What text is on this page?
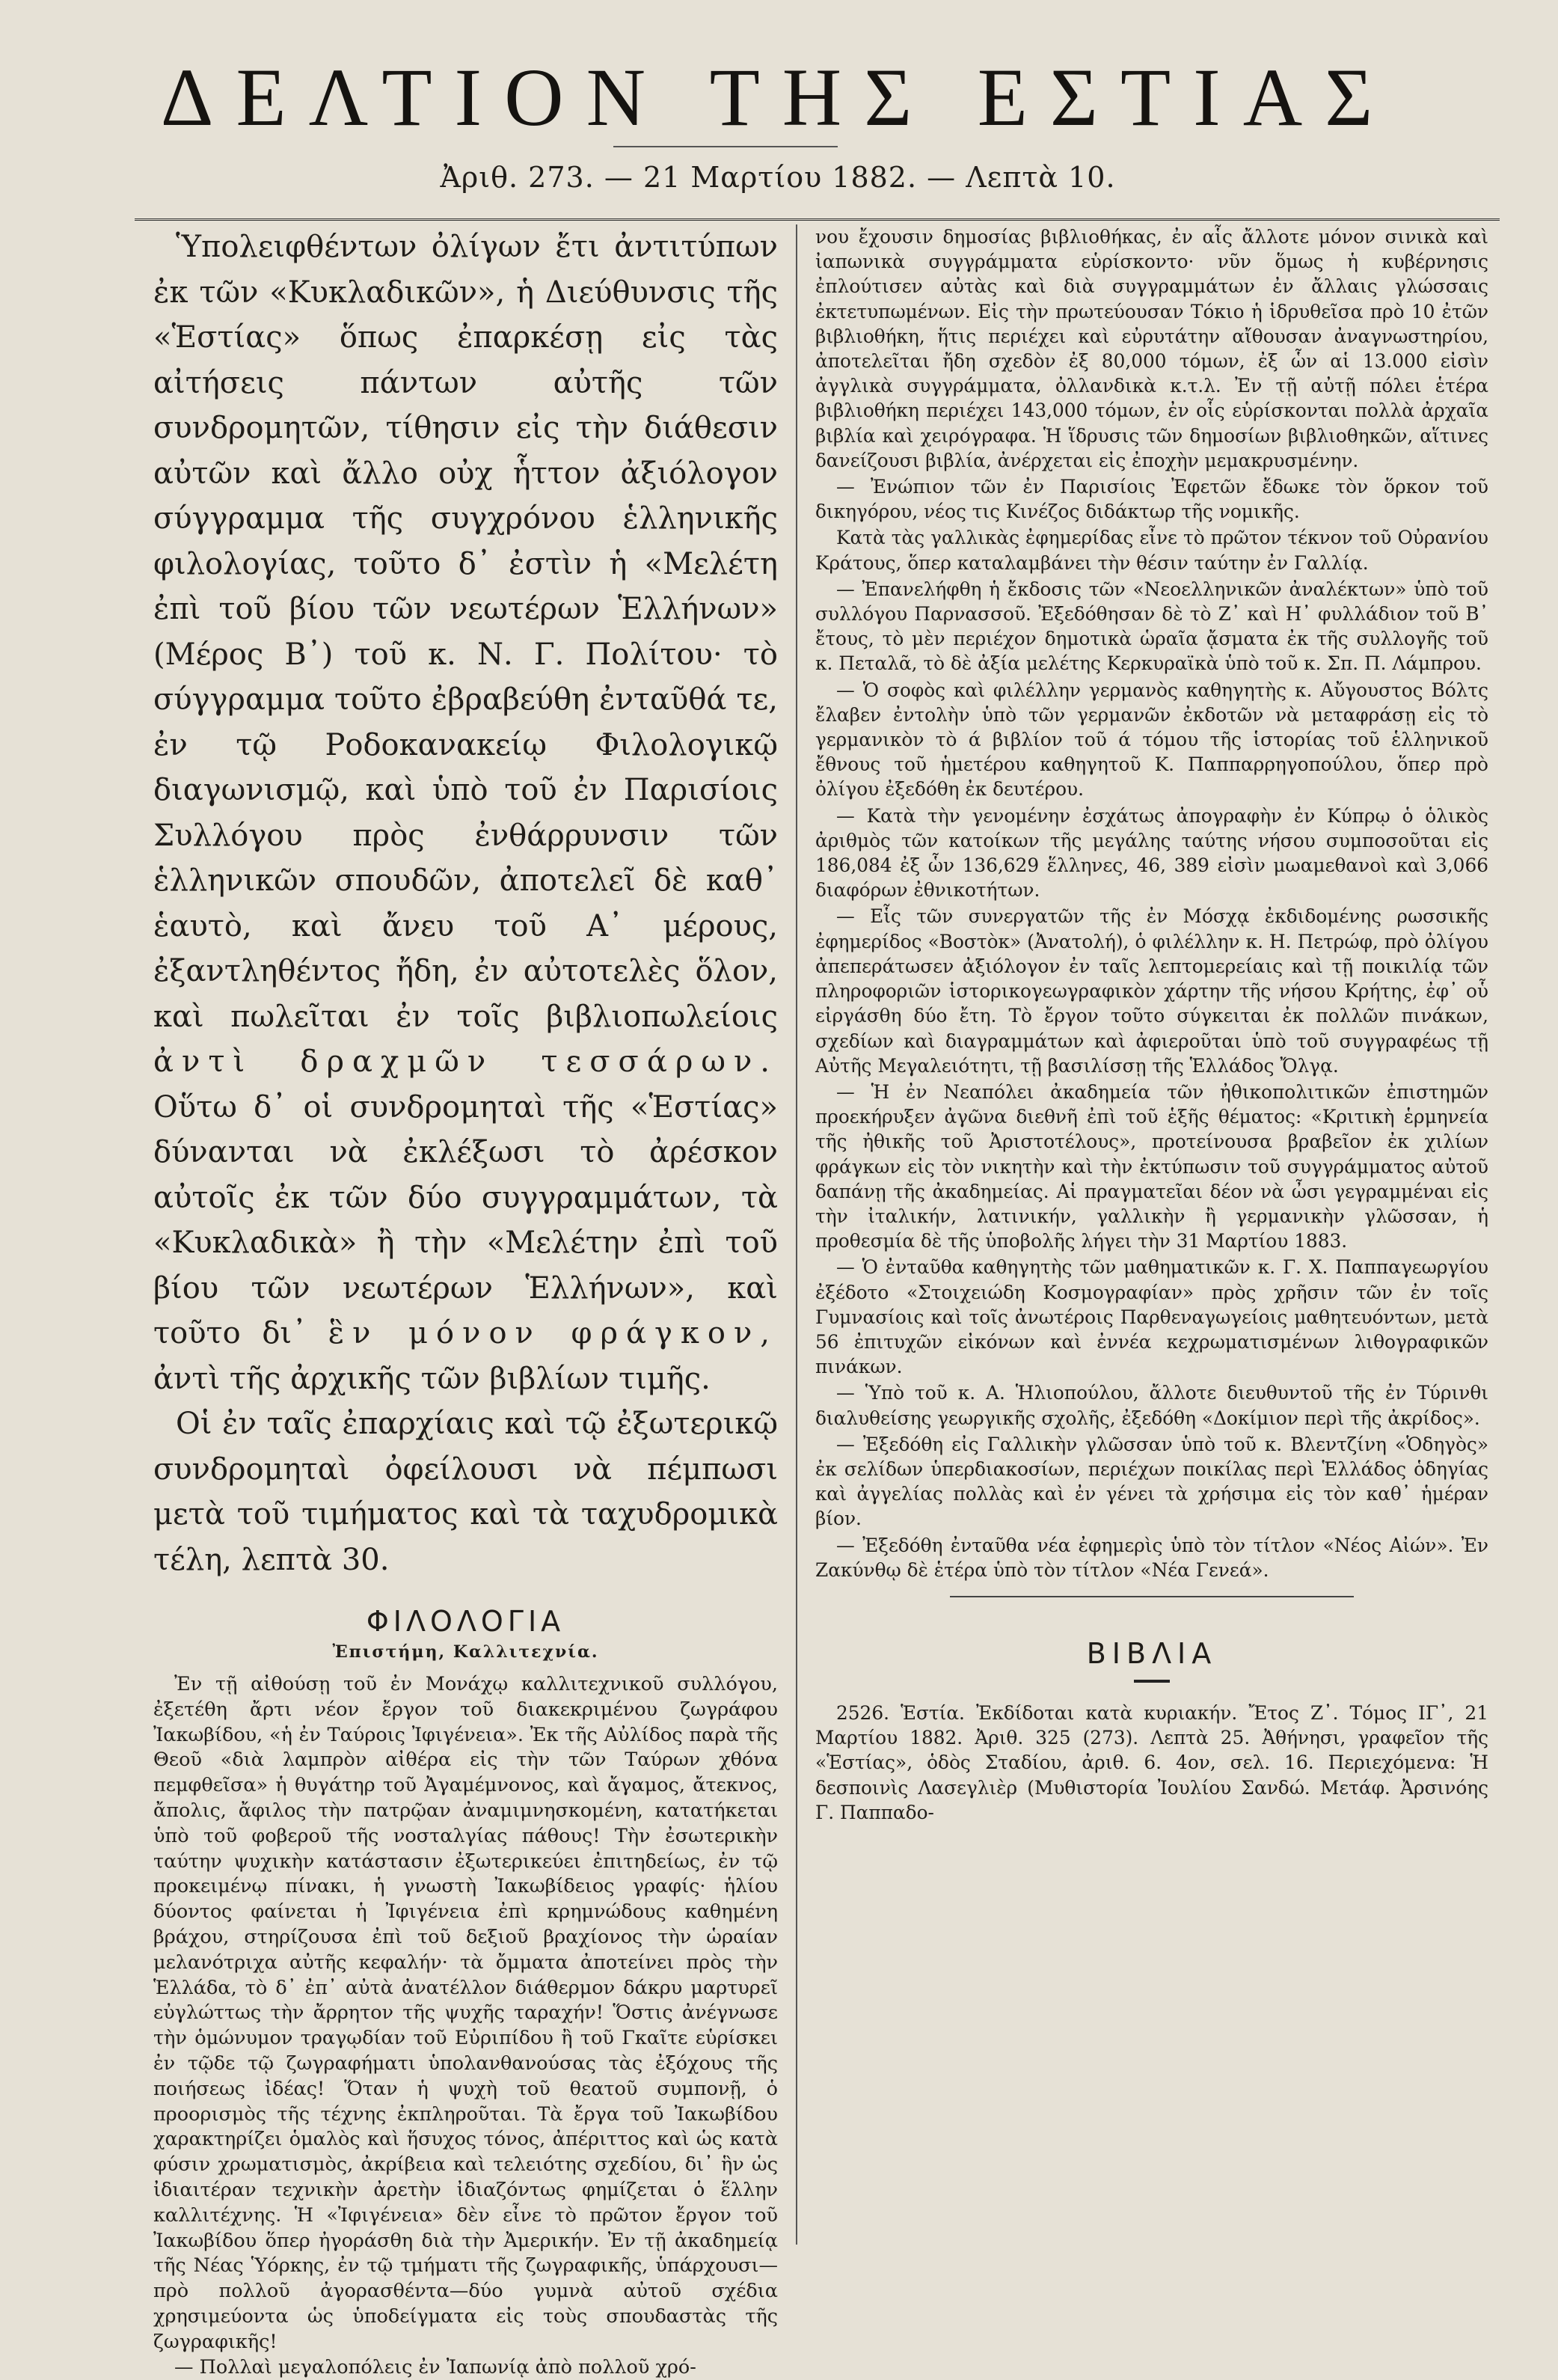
ΔΕΛΤΙΟΝ ΤΗΣ ΕΣΤΙΑΣ
Ἀριθ. 273. — 21 Μαρτίου 1882. — Λεπτὰ 10.

Ὑπολειφθέντων ὀλίγων ἔτι ἀντιτύπων ἐκ τῶν «Κυκλαδικῶν», ἡ Διεύθυνσις τῆς «Ἑστίας» ὅπως ἐπαρκέσῃ εἰς τὰς αἰτήσεις πάντων αὐτῆς τῶν συνδρομητῶν, τίθησιν εἰς τὴν διάθεσιν αὐτῶν καὶ ἄλλο οὐχ ἧττον ἀξιόλογον σύγγραμμα τῆς συγχρόνου ἑλληνικῆς φιλολογίας, τοῦτο δ᾽ ἐστὶν ἡ «Μελέτη ἐπὶ τοῦ βίου τῶν νεωτέρων Ἑλλήνων» (Μέρος Β᾽) τοῦ κ. Ν. Γ. Πολίτου· τὸ σύγγραμμα τοῦτο ἐβραβεύθη ἐνταῦθά τε, ἐν τῷ Ροδοκανακείῳ Φιλολογικῷ διαγωνισμῷ, καὶ ὑπὸ τοῦ ἐν Παρισίοις Συλλόγου πρὸς ἐνθάρρυνσιν τῶν ἑλληνικῶν σπουδῶν, ἀποτελεῖ δὲ καθ᾽ ἑαυτὸ, καὶ ἄνευ τοῦ Α᾽ μέρους, ἐξαντληθέντος ἤδη, ἐν αὐτοτελὲς ὅλον, καὶ πωλεῖται ἐν τοῖς βιβλιοπωλείοις ἀντὶ δραχμῶν τεσσάρων. Οὕτω δ᾽ οἱ συνδρομηταὶ τῆς «Ἑστίας» δύνανται νὰ ἐκλέξωσι τὸ ἀρέσκον αὐτοῖς ἐκ τῶν δύο συγγραμμάτων, τὰ «Κυκλαδικὰ» ἢ τὴν «Μελέτην ἐπὶ τοῦ βίου τῶν νεωτέρων Ἑλλήνων», καὶ τοῦτο δι᾽ ἓν μόνον φράγκον, ἀντὶ τῆς ἀρχικῆς τῶν βιβλίων τιμῆς.

Οἱ ἐν ταῖς ἐπαρχίαις καὶ τῷ ἐξωτερικῷ συνδρομηταὶ ὀφείλουσι νὰ πέμπωσι μετὰ τοῦ τιμήματος καὶ τὰ ταχυδρομικὰ τέλη, λεπτὰ 30.

ΦΙΛΟΛΟΓΙΑ
Ἐπιστήμη, Καλλιτεχνία.

Ἐν τῇ αἰθούσῃ τοῦ ἐν Μονάχῳ καλλιτεχνικοῦ συλλόγου, ἐξετέθη ἄρτι νέον ἔργον τοῦ διακεκριμένου ζωγράφου Ἰακωβίδου, «ἡ ἐν Ταύροις Ἰφιγένεια». Ἐκ τῆς Αὐλίδος παρὰ τῆς Θεοῦ «διὰ λαμπρὸν αἰθέρα εἰς τὴν τῶν Ταύρων χθόνα πεμφθεῖσα» ἡ θυγάτηρ τοῦ Ἀγαμέμνονος, καὶ ἄγαμος, ἄτεκνος, ἄπολις, ἄφιλος τὴν πατρῷαν ἀναμιμνησκομένη, κατατήκεται ὑπὸ τοῦ φοβεροῦ τῆς νοσταλγίας πάθους! Τὴν ἐσωτερικὴν ταύτην ψυχικὴν κατάστασιν ἐξωτερικεύει ἐπιτηδείως, ἐν τῷ προκειμένῳ πίνακι, ἡ γνωστὴ Ἰακωβίδειος γραφίς· ἡλίου δύοντος φαίνεται ἡ Ἰφιγένεια ἐπὶ κρημνώδους καθημένη βράχου, στηρίζουσα ἐπὶ τοῦ δεξιοῦ βραχίονος τὴν ὡραίαν μελανότριχα αὐτῆς κεφαλήν· τὰ ὄμματα ἀποτείνει πρὸς τὴν Ἑλλάδα, τὸ δ᾽ ἐπ᾽ αὐτὰ ἀνατέλλον διάθερμον δάκρυ μαρτυρεῖ εὐγλώττως τὴν ἄρρητον τῆς ψυχῆς ταραχήν! Ὅστις ἀνέγνωσε τὴν ὁμώνυμον τραγῳδίαν τοῦ Εὐριπίδου ἢ τοῦ Γκαῖτε εὑρίσκει ἐν τῷδε τῷ ζωγραφήματι ὑπολανθανούσας τὰς ἐξόχους τῆς ποιήσεως ἰδέας! Ὅταν ἡ ψυχὴ τοῦ θεατοῦ συμπονῇ, ὁ προορισμὸς τῆς τέχνης ἐκπληροῦται. Τὰ ἔργα τοῦ Ἰακωβίδου χαρακτηρίζει ὁμαλὸς καὶ ἥσυχος τόνος, ἀπέριττος καὶ ὡς κατὰ φύσιν χρωματισμὸς, ἀκρίβεια καὶ τελειότης σχεδίου, δι᾽ ἣν ὡς ἰδιαιτέραν τεχνικὴν ἀρετὴν ἰδιαζόντως φημίζεται ὁ ἕλλην καλλιτέχνης. Ἡ «Ἰφιγένεια» δὲν εἶνε τὸ πρῶτον ἔργον τοῦ Ἰακωβίδου ὅπερ ἠγοράσθη διὰ τὴν Ἀμερικήν. Ἐν τῇ ἀκαδημείᾳ τῆς Νέας Ὑόρκης, ἐν τῷ τμήματι τῆς ζωγραφικῆς, ὑπάρχουσι—πρὸ πολλοῦ ἀγορασθέντα—δύο γυμνὰ αὐτοῦ σχέδια χρησιμεύοντα ὡς ὑποδείγματα εἰς τοὺς σπουδαστὰς τῆς ζωγραφικῆς!

— Πολλαὶ μεγαλοπόλεις ἐν Ἰαπωνίᾳ ἀπὸ πολλοῦ χρό-

νου ἔχουσιν δημοσίας βιβλιοθήκας, ἐν αἷς ἄλλοτε μόνον σινικὰ καὶ ἰαπωνικὰ συγγράμματα εὑρίσκοντο· νῦν ὅμως ἡ κυβέρνησις ἐπλούτισεν αὐτὰς καὶ διὰ συγγραμμάτων ἐν ἄλλαις γλώσσαις ἐκτετυπωμένων. Εἰς τὴν πρωτεύουσαν Τόκιο ἡ ἱδρυθεῖσα πρὸ 10 ἐτῶν βιβλιοθήκη, ἥτις περιέχει καὶ εὐρυτάτην αἴθουσαν ἀναγνωστηρίου, ἀποτελεῖται ἤδη σχεδὸν ἐξ 80,000 τόμων, ἐξ ὧν αἱ 13.000 εἰσὶν ἀγγλικὰ συγγράμματα, ὀλλανδικὰ κ.τ.λ. Ἐν τῇ αὐτῇ πόλει ἑτέρα βιβλιοθήκη περιέχει 143,000 τόμων, ἐν οἷς εὑρίσκονται πολλὰ ἀρχαῖα βιβλία καὶ χειρόγραφα. Ἡ ἵδρυσις τῶν δημοσίων βιβλιοθηκῶν, αἵτινες δανείζουσι βιβλία, ἀνέρχεται εἰς ἐποχὴν μεμακρυσμένην.

— Ἐνώπιον τῶν ἐν Παρισίοις Ἐφετῶν ἔδωκε τὸν ὅρκον τοῦ δικηγόρου, νέος τις Κινέζος διδάκτωρ τῆς νομικῆς.

Κατὰ τὰς γαλλικὰς ἐφημερίδας εἶνε τὸ πρῶτον τέκνον τοῦ Οὐρανίου Κράτους, ὅπερ καταλαμβάνει τὴν θέσιν ταύτην ἐν Γαλλίᾳ.

— Ἐπανελήφθη ἡ ἔκδοσις τῶν «Νεοελληνικῶν ἀναλέκτων» ὑπὸ τοῦ συλλόγου Παρνασσοῦ. Ἐξεδόθησαν δὲ τὸ Ζ᾽ καὶ Η᾽ φυλλάδιον τοῦ Β᾽ ἔτους, τὸ μὲν περιέχον δημοτικὰ ὡραῖα ᾄσματα ἐκ τῆς συλλογῆς τοῦ κ. Πεταλᾶ, τὸ δὲ ἀξία μελέτης Κερκυραϊκὰ ὑπὸ τοῦ κ. Σπ. Π. Λάμπρου.

— Ὁ σοφὸς καὶ φιλέλλην γερμανὸς καθηγητὴς κ. Αὔγουστος Βόλτς ἔλαβεν ἐντολὴν ὑπὸ τῶν γερμανῶν ἐκδοτῶν νὰ μεταφράσῃ εἰς τὸ γερμανικὸν τὸ ά βιβλίον τοῦ ά τόμου τῆς ἱστορίας τοῦ ἑλληνικοῦ ἔθνους τοῦ ἡμετέρου καθηγητοῦ Κ. Παππαρρηγοπούλου, ὅπερ πρὸ ὀλίγου ἐξεδόθη ἐκ δευτέρου.

— Κατὰ τὴν γενομένην ἐσχάτως ἀπογραφὴν ἐν Κύπρῳ ὁ ὁλικὸς ἀριθμὸς τῶν κατοίκων τῆς μεγάλης ταύτης νήσου συμποσοῦται εἰς 186,084 ἐξ ὧν 136,629 ἕλληνες, 46, 389 εἰσὶν μωαμεθανοὶ καὶ 3,066 διαφόρων ἐθνικοτήτων.

— Εἷς τῶν συνεργατῶν τῆς ἐν Μόσχᾳ ἐκδιδομένης ρωσσικῆς ἐφημερίδος «Βοστὸκ» (Ἀνατολή), ὁ φιλέλλην κ. Η. Πετρώφ, πρὸ ὀλίγου ἀπεπεράτωσεν ἀξιόλογον ἐν ταῖς λεπτομερείαις καὶ τῇ ποικιλίᾳ τῶν πληροφοριῶν ἱστορικογεωγραφικὸν χάρτην τῆς νήσου Κρήτης, ἐφ᾽ οὗ εἰργάσθη δύο ἔτη. Τὸ ἔργον τοῦτο σύγκειται ἐκ πολλῶν πινάκων, σχεδίων καὶ διαγραμμάτων καὶ ἀφιεροῦται ὑπὸ τοῦ συγγραφέως τῇ Αὐτῆς Μεγαλειότητι, τῇ βασιλίσσῃ τῆς Ἑλλάδος Ὄλγᾳ.

— Ἡ ἐν Νεαπόλει ἀκαδημεία τῶν ἠθικοπολιτικῶν ἐπιστημῶν προεκήρυξεν ἀγῶνα διεθνῆ ἐπὶ τοῦ ἑξῆς θέματος: «Κριτικὴ ἑρμηνεία τῆς ἠθικῆς τοῦ Ἀριστοτέλους», προτείνουσα βραβεῖον ἐκ χιλίων φράγκων εἰς τὸν νικητὴν καὶ τὴν ἐκτύπωσιν τοῦ συγγράμματος αὐτοῦ δαπάνῃ τῆς ἀκαδημείας. Αἱ πραγματεῖαι δέον νὰ ὦσι γεγραμμέναι εἰς τὴν ἰταλικήν, λατινικήν, γαλλικὴν ἢ γερμανικὴν γλῶσσαν, ἡ προθεσμία δὲ τῆς ὑποβολῆς λήγει τὴν 31 Μαρτίου 1883.

— Ὁ ἐνταῦθα καθηγητὴς τῶν μαθηματικῶν κ. Γ. Χ. Παππαγεωργίου ἐξέδοτο «Στοιχειώδη Κοσμογραφίαν» πρὸς χρῆσιν τῶν ἐν τοῖς Γυμνασίοις καὶ τοῖς ἀνωτέροις Παρθεναγωγείοις μαθητευόντων, μετὰ 56 ἐπιτυχῶν εἰκόνων καὶ ἐννέα κεχρωματισμένων λιθογραφικῶν πινάκων.

— Ὑπὸ τοῦ κ. Α. Ἡλιοπούλου, ἄλλοτε διευθυντοῦ τῆς ἐν Τύρινθι διαλυθείσης γεωργικῆς σχολῆς, ἐξεδόθη «Δοκίμιον περὶ τῆς ἀκρίδος».

— Ἐξεδόθη εἰς Γαλλικὴν γλῶσσαν ὑπὸ τοῦ κ. Βλεντζίνη «Ὁδηγὸς» ἐκ σελίδων ὑπερδιακοσίων, περιέχων ποικίλας περὶ Ἑλλάδος ὁδηγίας καὶ ἀγγελίας πολλὰς καὶ ἐν γένει τὰ χρήσιμα εἰς τὸν καθ᾽ ἡμέραν βίον.

— Ἐξεδόθη ἐνταῦθα νέα ἐφημερὶς ὑπὸ τὸν τίτλον «Νέος Αἰών». Ἐν Ζακύνθῳ δὲ ἑτέρα ὑπὸ τὸν τίτλον «Νέα Γενεά».

ΒΙΒΛΙΑ

2526. Ἑστία. Ἐκδίδοται κατὰ κυριακήν. Ἔτος Ζ᾽. Τόμος ΙΓ᾽, 21 Μαρτίου 1882. Ἀριθ. 325 (273). Λεπτὰ 25. Ἀθήνησι, γραφεῖον τῆς «Ἑστίας», ὁδὸς Σταδίου, ἀριθ. 6. 4ον, σελ. 16. Περιεχόμενα: Ἡ δεσποινὶς Λασεγλιὲρ (Μυθιστορία Ἰουλίου Σανδώ. Μετάφ. Ἀρσινόης Γ. Παππαδο-
